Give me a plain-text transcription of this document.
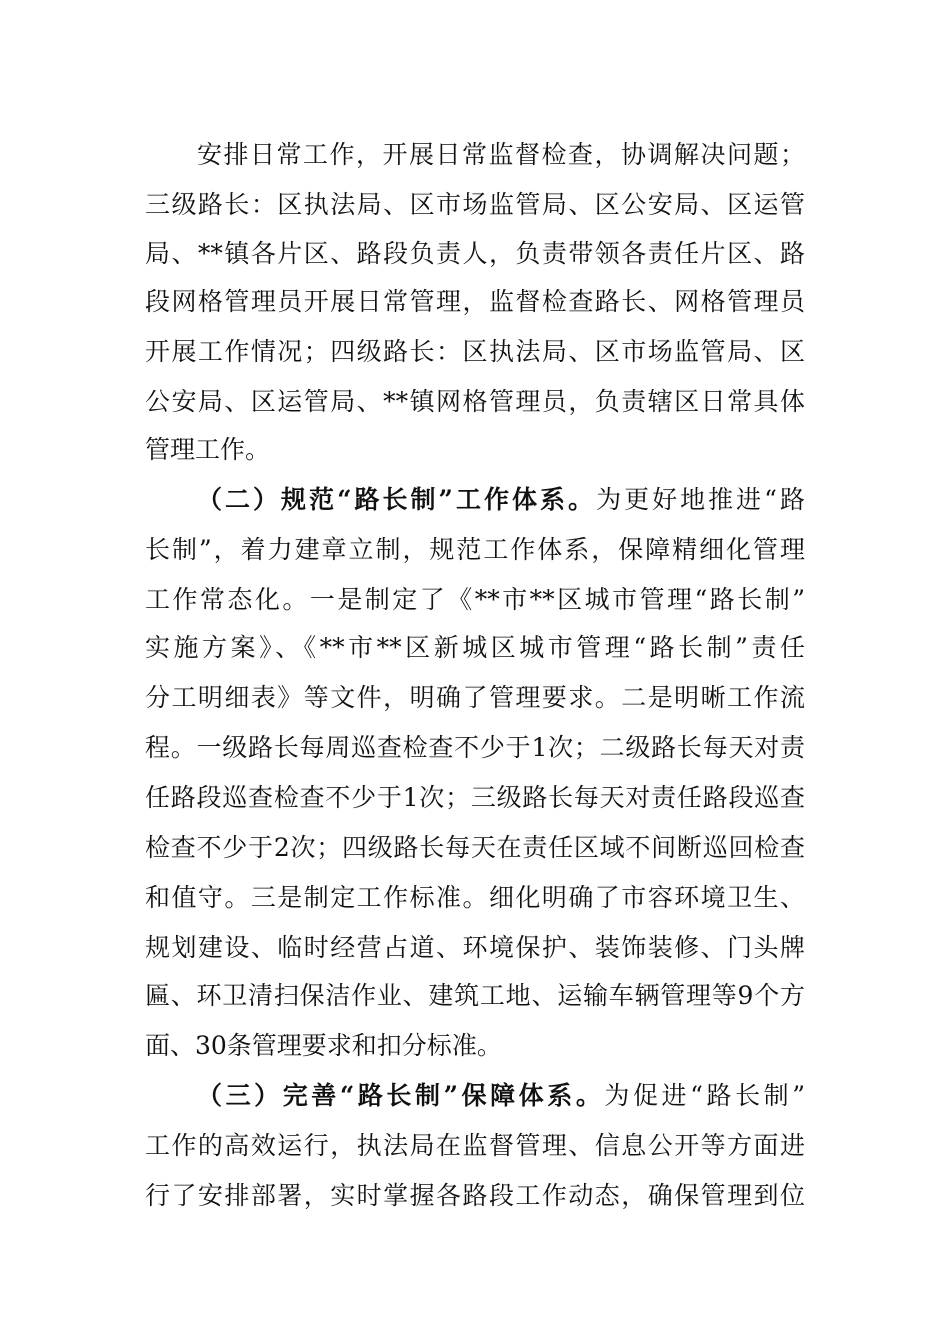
安排日常工作，开展日常监督检查，协调解决问题；
三级路长：区执法局、区市场监管局、区公安局、区运管
局、**镇各片区、路段负责人，负责带领各责任片区、路
段网格管理员开展日常管理，监督检查路长、网格管理员
开展工作情况；四级路长：区执法局、区市场监管局、区
公安局、区运管局、**镇网格管理员，负责辖区日常具体
管理工作。
（二）规范“路长制”工作体系。为更好地推进“路
长制”，着力建章立制，规范工作体系，保障精细化管理
工作常态化。一是制定了《**市**区城市管理“路长制”
实施方案》、《**市**区新城区城市管理“路长制”责任
分工明细表》等文件，明确了管理要求。二是明晰工作流
程。一级路长每周巡查检查不少于1次；二级路长每天对责
任路段巡查检查不少于1次；三级路长每天对责任路段巡查
检查不少于2次；四级路长每天在责任区域不间断巡回检查
和值守。三是制定工作标准。细化明确了市容环境卫生、
规划建设、临时经营占道、环境保护、装饰装修、门头牌
匾、环卫清扫保洁作业、建筑工地、运输车辆管理等9个方
面、30条管理要求和扣分标准。
（三）完善“路长制”保障体系。为促进“路长制”
工作的高效运行，执法局在监督管理、信息公开等方面进
行了安排部署，实时掌握各路段工作动态，确保管理到位
